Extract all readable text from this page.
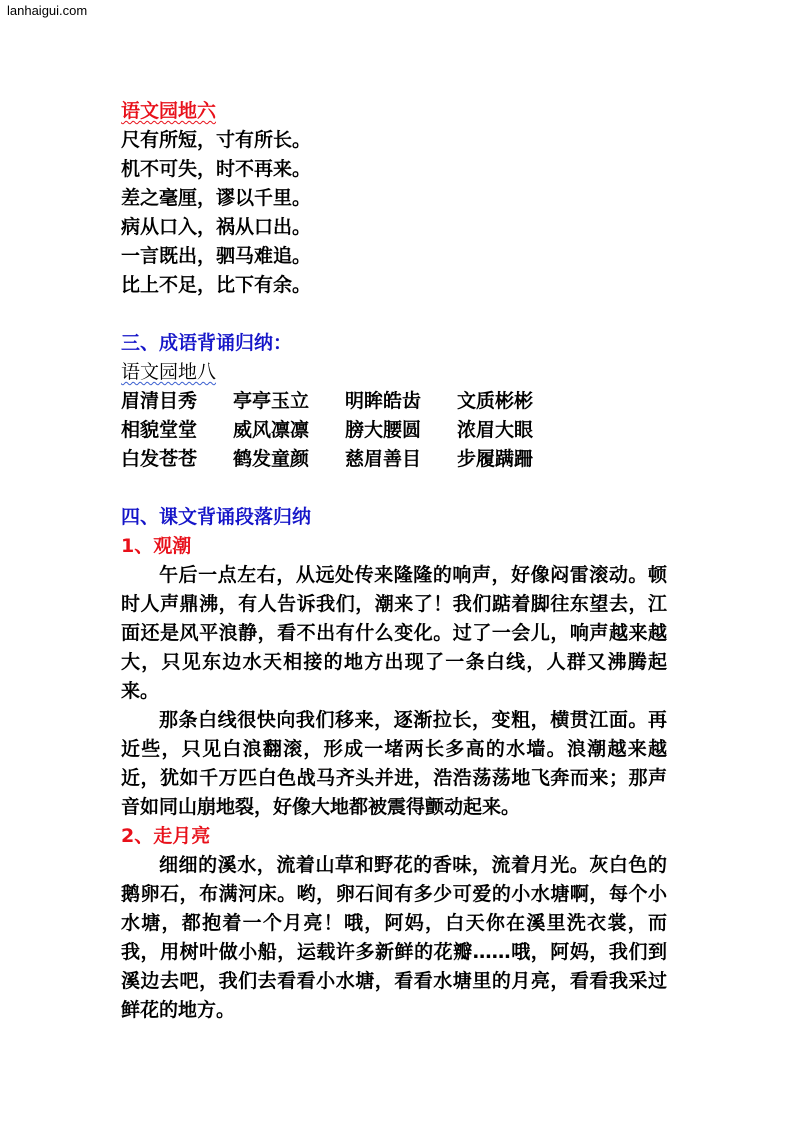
lanhaigui.com
语文园地六
尺有所短，寸有所长。
机不可失，时不再来。
差之毫厘，谬以千里。
病从口入，祸从口出。
一言既出，驷马难追。
比上不足，比下有余。
三、成语背诵归纳：
语文园地八
眉清目秀	亭亭玉立	明眸皓齿	文质彬彬
相貌堂堂	威风凛凛	膀大腰圆	浓眉大眼
白发苍苍	鹤发童颜	慈眉善目	步履蹒跚
四、课文背诵段落归纳
1、观潮

午后一点左右，从远处传来隆隆的响声，好像闷雷滚动。顿时人声鼎沸，有人告诉我们，潮来了！我们踮着脚往东望去，江面还是风平浪静，看不出有什么变化。过了一会儿，响声越来越大，只见东边水天相接的地方出现了一条白线，人群又沸腾起来。

那条白线很快向我们移来，逐渐拉长，变粗，横贯江面。再近些，只见白浪翻滚，形成一堵两长多高的水墙。浪潮越来越近，犹如千万匹白色战马齐头并进，浩浩荡荡地飞奔而来；那声音如同山崩地裂，好像大地都被震得颤动起来。

2、走月亮

细细的溪水，流着山草和野花的香味，流着月光。灰白色的鹅卵石，布满河床。哟，卵石间有多少可爱的小水塘啊，每个小水塘，都抱着一个月亮！哦，阿妈，白天你在溪里洗衣裳，而我，用树叶做小船，运载许多新鲜的花瓣……哦，阿妈，我们到溪边去吧，我们去看看小水塘，看看水塘里的月亮，看看我采过鲜花的地方。
